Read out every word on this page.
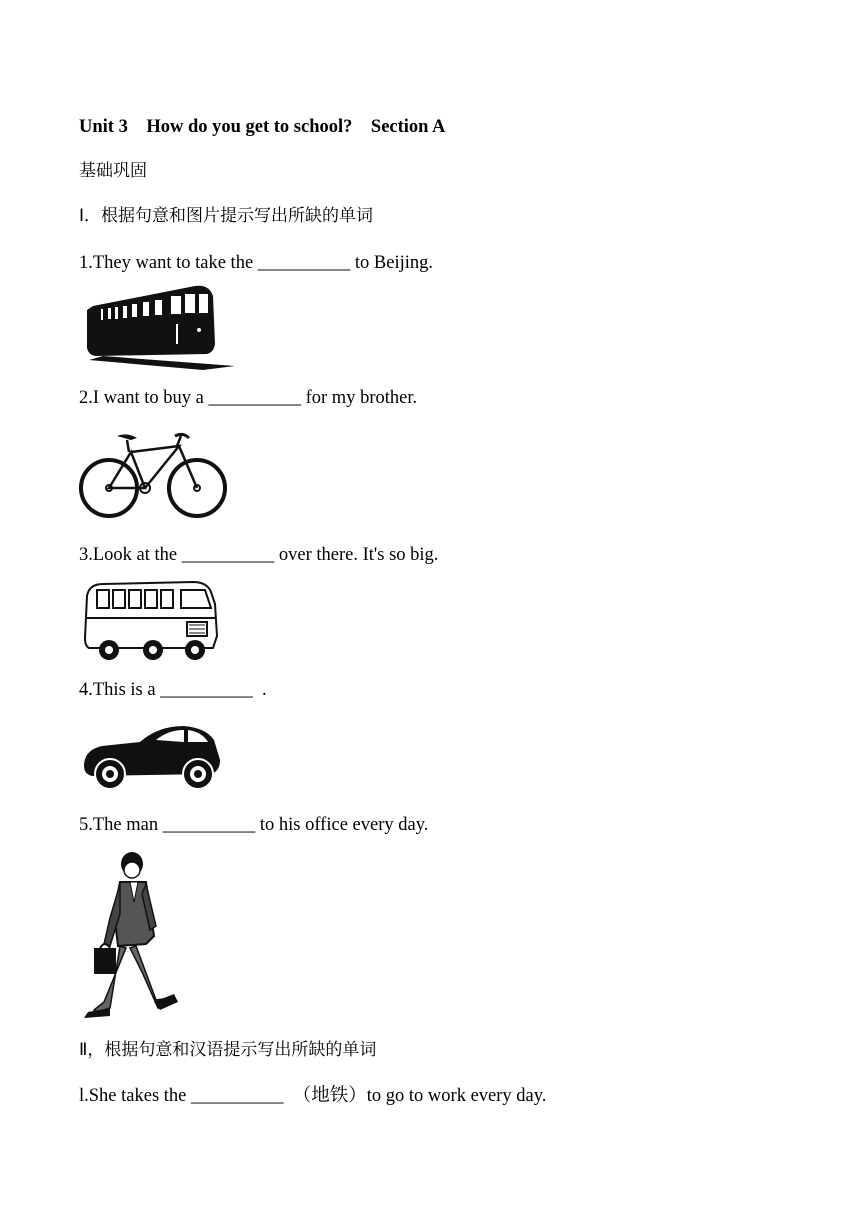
Unit 3　How do you get to school?　Section A
基础巩固
Ⅰ．根据句意和图片提示写出所缺的单词
1.They want to take the __________ to Beijing.
2.I want to buy a __________ for my brother.
3.Look at the __________ over there. It's so big.
4.This is a __________  .
5.The man __________ to his office every day.
Ⅱ，根据句意和汉语提示写出所缺的单词
l.She takes the __________  （地铁）to go to work every day.
